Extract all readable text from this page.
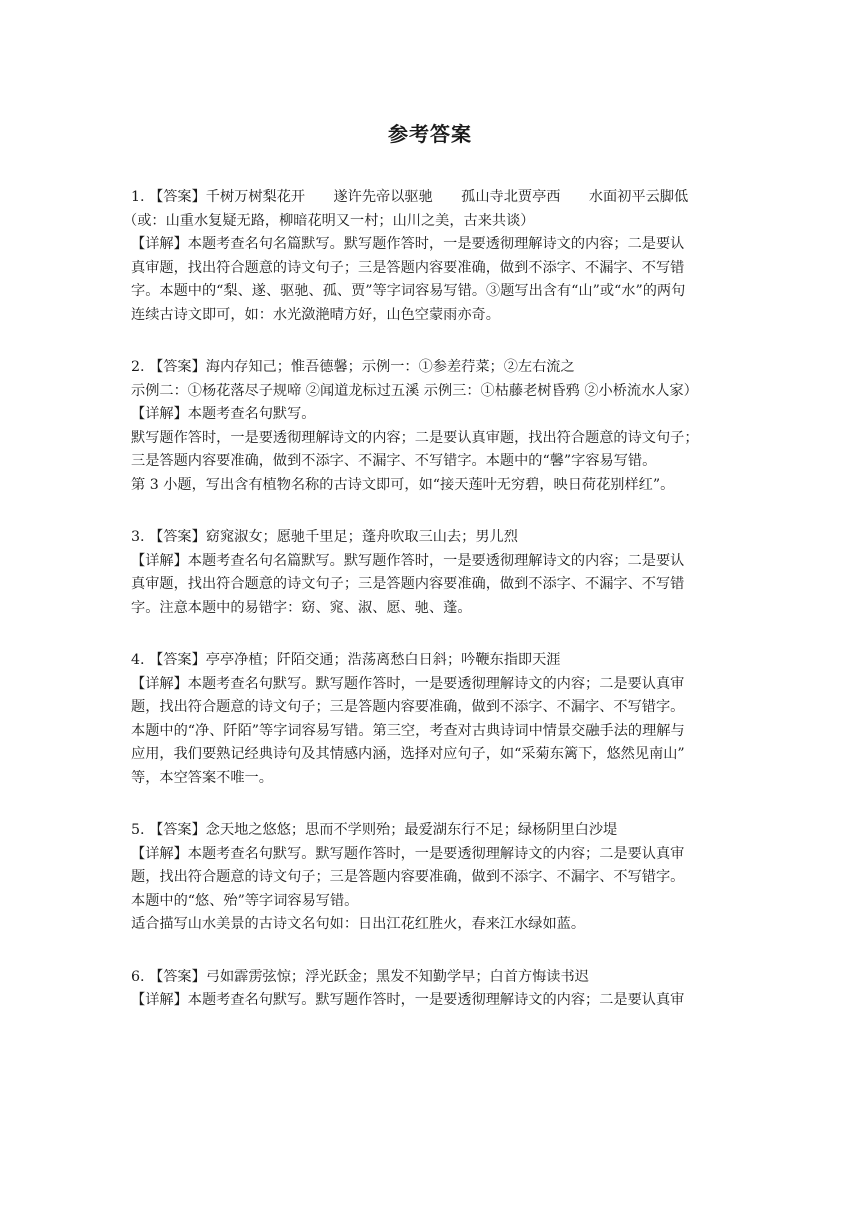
参考答案
1. 【答案】千树万树梨花开　　遂许先帝以驱驰　　孤山寺北贾亭西　　水面初平云脚低
（或：山重水复疑无路，柳暗花明又一村；山川之美，古来共谈）
【详解】本题考查名句名篇默写。默写题作答时，一是要透彻理解诗文的内容；二是要认
真审题，找出符合题意的诗文句子；三是答题内容要准确，做到不添字、不漏字、不写错
字。本题中的“梨、遂、驱驰、孤、贾”等字词容易写错。③题写出含有“山”或“水”的两句
连续古诗文即可，如：水光潋滟晴方好，山色空蒙雨亦奇。
2. 【答案】海内存知己；惟吾德馨；示例一：①参差荇菜；②左右流之
示例二：①杨花落尽子规啼 ②闻道龙标过五溪 示例三：①枯藤老树昏鸦 ②小桥流水人家）
【详解】本题考查名句默写。
默写题作答时，一是要透彻理解诗文的内容；二是要认真审题，找出符合题意的诗文句子；
三是答题内容要准确，做到不添字、不漏字、不写错字。本题中的“馨”字容易写错。
第 3 小题，写出含有植物名称的古诗文即可，如“接天莲叶无穷碧，映日荷花别样红”。
3. 【答案】窈窕淑女；愿驰千里足；蓬舟吹取三山去；男儿烈
【详解】本题考查名句名篇默写。默写题作答时，一是要透彻理解诗文的内容；二是要认
真审题，找出符合题意的诗文句子；三是答题内容要准确，做到不添字、不漏字、不写错
字。注意本题中的易错字：窈、窕、淑、愿、驰、蓬。
4. 【答案】亭亭净植；阡陌交通；浩荡离愁白日斜；吟鞭东指即天涯
【详解】本题考查名句默写。默写题作答时，一是要透彻理解诗文的内容；二是要认真审
题，找出符合题意的诗文句子；三是答题内容要准确，做到不添字、不漏字、不写错字。
本题中的“净、阡陌”等字词容易写错。第三空，考查对古典诗词中情景交融手法的理解与
应用，我们要熟记经典诗句及其情感内涵，选择对应句子，如“采菊东篱下，悠然见南山”
等，本空答案不唯一。
5. 【答案】念天地之悠悠；思而不学则殆；最爱湖东行不足；绿杨阴里白沙堤
【详解】本题考查名句默写。默写题作答时，一是要透彻理解诗文的内容；二是要认真审
题，找出符合题意的诗文句子；三是答题内容要准确，做到不添字、不漏字、不写错字。
本题中的“悠、殆”等字词容易写错。
适合描写山水美景的古诗文名句如：日出江花红胜火，春来江水绿如蓝。
6. 【答案】弓如霹雳弦惊；浮光跃金；黑发不知勤学早；白首方悔读书迟
【详解】本题考查名句默写。默写题作答时，一是要透彻理解诗文的内容；二是要认真审
